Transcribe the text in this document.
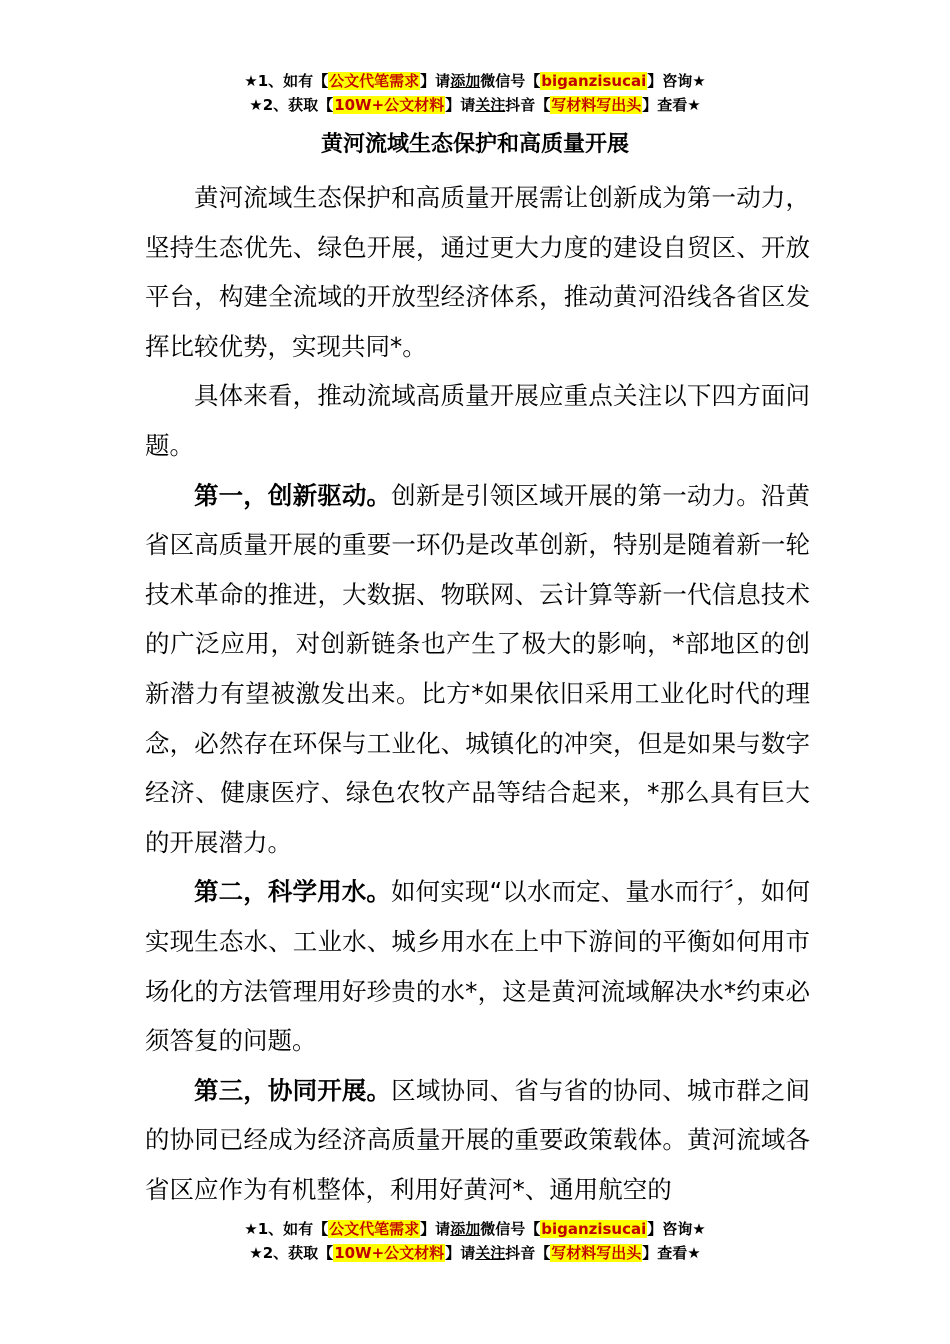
★1、如有【公文代笔需求】请添加微信号【biganzisucai】咨询★
★2、获取【10W+公文材料】请关注抖音【写材料写出头】查看★
黄河流域生态保护和高质量开展

黄河流域生态保护和高质量开展需让创新成为第一动力，坚持生态优先、绿色开展，通过更大力度的建设自贸区、开放平台，构建全流域的开放型经济体系，推动黄河沿线各省区发挥比较优势，实现共同*。

具体来看，推动流域高质量开展应重点关注以下四方面问题。

第一，创新驱动。创新是引领区域开展的第一动力。沿黄省区高质量开展的重要一环仍是改革创新，特别是随着新一轮技术革命的推进，大数据、物联网、云计算等新一代信息技术的广泛应用，对创新链条也产生了极大的影响，*部地区的创新潜力有望被激发出来。比方*如果依旧采用工业化时代的理念，必然存在环保与工业化、城镇化的冲突，但是如果与数字经济、健康医疗、绿色农牧产品等结合起来，*那么具有巨大的开展潜力。

第二，科学用水。如何实现“以水而定、量水而行〞，如何实现生态水、工业水、城乡用水在上中下游间的平衡如何用市场化的方法管理用好珍贵的水*，这是黄河流域解决水*约束必须答复的问题。

第三，协同开展。区域协同、省与省的协同、城市群之间的协同已经成为经济高质量开展的重要政策载体。黄河流域各省区应作为有机整体，利用好黄河*、通用航空的

★1、如有【公文代笔需求】请添加微信号【biganzisucai】咨询★
★2、获取【10W+公文材料】请关注抖音【写材料写出头】查看★
